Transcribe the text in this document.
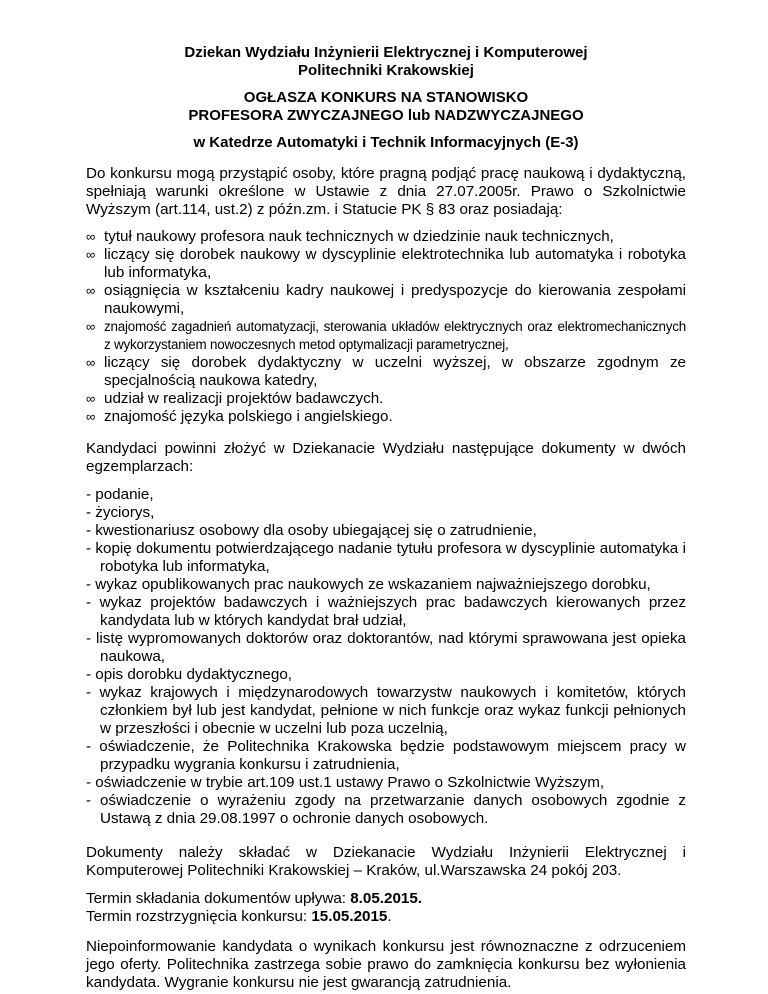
Dziekan Wydziału Inżynierii Elektrycznej i Komputerowej

Politechniki Krakowskiej

OGŁASZA KONKURS NA STANOWISKO

PROFESORA ZWYCZAJNEGO lub NADZWYCZAJNEGO

w Katedrze Automatyki i Technik Informacyjnych (E-3)

Do konkursu mogą przystąpić osoby, które pragną podjąć pracę naukową i dydaktyczną, spełniają warunki określone w Ustawie z dnia 27.07.2005r. Prawo o Szkolnictwie Wyższym (art.114, ust.2) z późn.zm. i Statucie PK § 83 oraz posiadają:

∞ tytuł naukowy profesora nauk technicznych w dziedzinie nauk technicznych,
∞ liczący się dorobek naukowy w dyscyplinie elektrotechnika lub automatyka i robotyka lub informatyka,
∞ osiągnięcia w kształceniu kadry naukowej i predyspozycje do kierowania zespołami naukowymi,
∞ znajomość zagadnień automatyzacji, sterowania układów elektrycznych oraz elektromechanicznych z wykorzystaniem nowoczesnych metod optymalizacji parametrycznej,
∞ liczący się dorobek dydaktyczny w uczelni wyższej, w obszarze zgodnym ze specjalnością naukowa katedry,
∞ udział w realizacji projektów badawczych.
∞ znajomość języka polskiego i angielskiego.

Kandydaci powinni złożyć w Dziekanacie Wydziału następujące dokumenty w dwóch egzemplarzach:

- podanie,
- życiorys,
- kwestionariusz osobowy dla osoby ubiegającej się o zatrudnienie,
- kopię dokumentu potwierdzającego nadanie tytułu profesora w dyscyplinie automatyka i robotyka lub informatyka,
- wykaz opublikowanych prac naukowych ze wskazaniem najważniejszego dorobku,
- wykaz projektów badawczych i ważniejszych prac badawczych kierowanych przez kandydata lub w których kandydat brał udział,
- listę wypromowanych doktorów oraz doktorantów, nad którymi sprawowana jest opieka naukowa,
- opis dorobku dydaktycznego,
- wykaz krajowych i międzynarodowych towarzystw naukowych i komitetów, których członkiem był lub jest kandydat, pełnione w nich funkcje oraz wykaz funkcji pełnionych w przeszłości i obecnie w uczelni lub poza uczelnią,
- oświadczenie, że Politechnika Krakowska będzie podstawowym miejscem pracy w przypadku wygrania konkursu i zatrudnienia,
- oświadczenie w trybie art.109 ust.1 ustawy Prawo o Szkolnictwie Wyższym,
- oświadczenie o wyrażeniu zgody na przetwarzanie danych osobowych zgodnie z Ustawą z dnia 29.08.1997 o ochronie danych osobowych.

Dokumenty należy składać w Dziekanacie Wydziału Inżynierii Elektrycznej i Komputerowej Politechniki Krakowskiej – Kraków, ul.Warszawska 24 pokój 203.

Termin składania dokumentów upływa: 8.05.2015.

Termin rozstrzygnięcia konkursu: 15.05.2015.

Niepoinformowanie kandydata o wynikach konkursu jest równoznaczne z odrzuceniem jego oferty. Politechnika zastrzega sobie prawo do zamknięcia konkursu bez wyłonienia kandydata. Wygranie konkursu nie jest gwarancją zatrudnienia.
